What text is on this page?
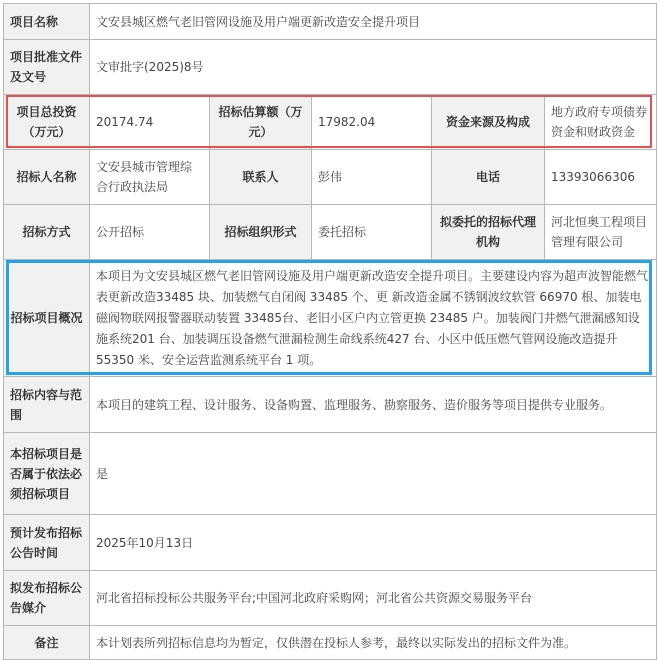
项目名称	文安县城区燃气老旧管网设施及用户端更新改造安全提升项目				
项目批准文件及文号	文审批字(2025)8号				
项目总投资（万元）	20174.74	招标估算额（万元）	17982.04	资金来源及构成	地方政府专项债券资金和财政资金
招标人名称	文安县城市管理综合行政执法局	联系人	彭伟	电话	13393066306
招标方式	公开招标	招标组织形式	委托招标	拟委托的招标代理机构	河北恒奥工程项目管理有限公司
招标项目概况	本项目为文安县城区燃气老旧管网设施及用户端更新改造安全提升项目。主要建设内容为超声波智能燃气表更新改造33485 块、加装燃气自闭阀 33485 个、更 新改造金属不锈钢波纹软管 66970 根、加装电磁阀物联网报警器联动装置 33485台、老旧小区户内立管更换 23485 户。加装阀门井燃气泄漏感知设施系统201 台、加装调压设备燃气泄漏检测生命线系统427 台、小区中低压燃气管网设施改造提升 55350 米、安全运营监测系统平台 1 项。				
招标内容与范围	本项目的建筑工程、设计服务、设备购置、监理服务、勘察服务、造价服务等项目提供专业服务。				
本招标项目是否属于依法必须招标项目	是				
预计发布招标公告时间	2025年10月13日				
拟发布招标公告媒介	河北省招标投标公共服务平台;中国河北政府采购网；河北省公共资源交易服务平台				
备注	本计划表所列招标信息均为暂定，仅供潜在投标人参考，最终以实际发出的招标文件为准。				
